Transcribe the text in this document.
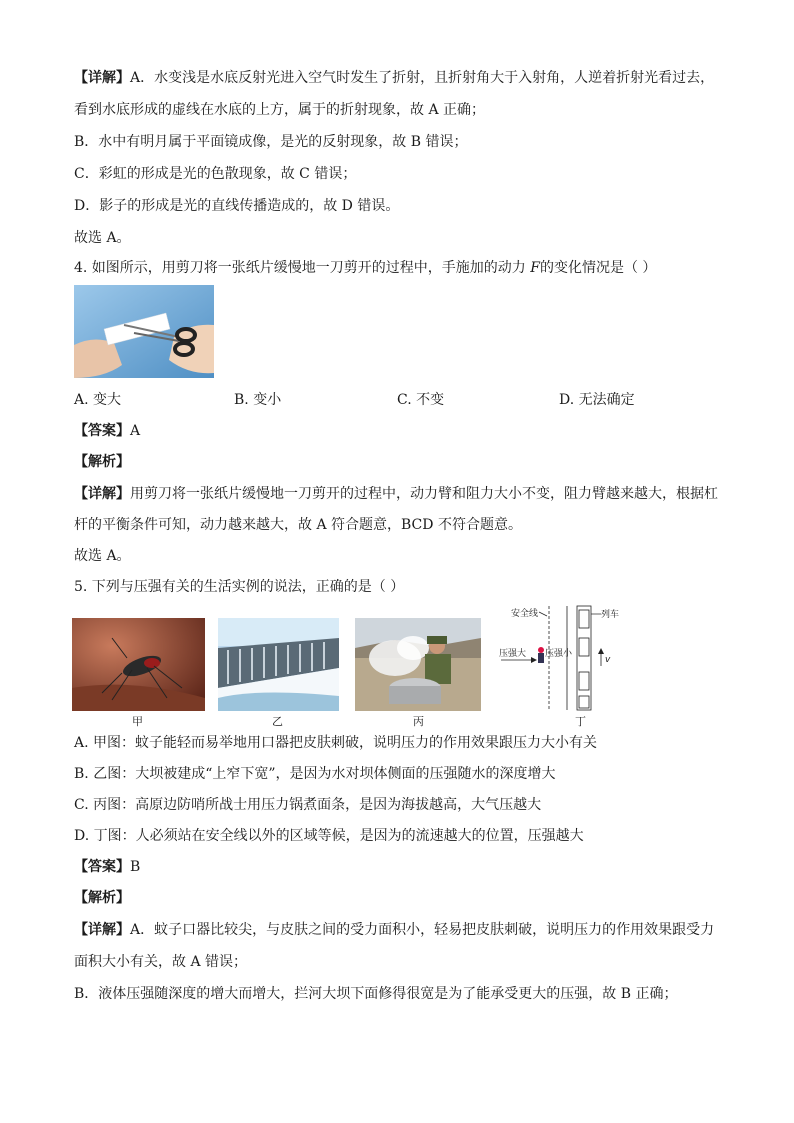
【详解】A．水变浅是水底反射光进入空气时发生了折射，且折射角大于入射角，人逆着折射光看过去，
看到水底形成的虚线在水底的上方，属于的折射现象，故 A 正确；
B．水中有明月属于平面镜成像，是光的反射现象，故 B 错误；
C．彩虹的形成是光的色散现象，故 C 错误；
D．影子的形成是光的直线传播造成的，故 D 错误。
故选 A。
4. 如图所示，用剪刀将一张纸片缓慢地一刀剪开的过程中，手施加的动力 F的变化情况是（ ）
A. 变大	B. 变小	C. 不变	D. 无法确定
【答案】A
【解析】
【详解】用剪刀将一张纸片缓慢地一刀剪开的过程中，动力臂和阻力大小不变，阻力臂越来越大，根据杠
杆的平衡条件可知，动力越来越大，故 A 符合题意，BCD 不符合题意。
故选 A。
5. 下列与压强有关的生活实例的说法，正确的是（ ）
安全线	列车
压强大 压强小
v
甲	乙	丙	丁
A. 甲图：蚊子能轻而易举地用口器把皮肤刺破，说明压力的作用效果跟压力大小有关
B. 乙图：大坝被建成“上窄下宽”，是因为水对坝体侧面的压强随水的深度增大
C. 丙图：高原边防哨所战士用压力锅煮面条，是因为海拔越高，大气压越大
D. 丁图：人必须站在安全线以外的区域等候，是因为的流速越大的位置，压强越大
【答案】B
【解析】
【详解】A．蚊子口器比较尖，与皮肤之间的受力面积小，轻易把皮肤刺破，说明压力的作用效果跟受力
面积大小有关，故 A 错误；
B．液体压强随深度的增大而增大，拦河大坝下面修得很宽是为了能承受更大的压强，故 B 正确；
